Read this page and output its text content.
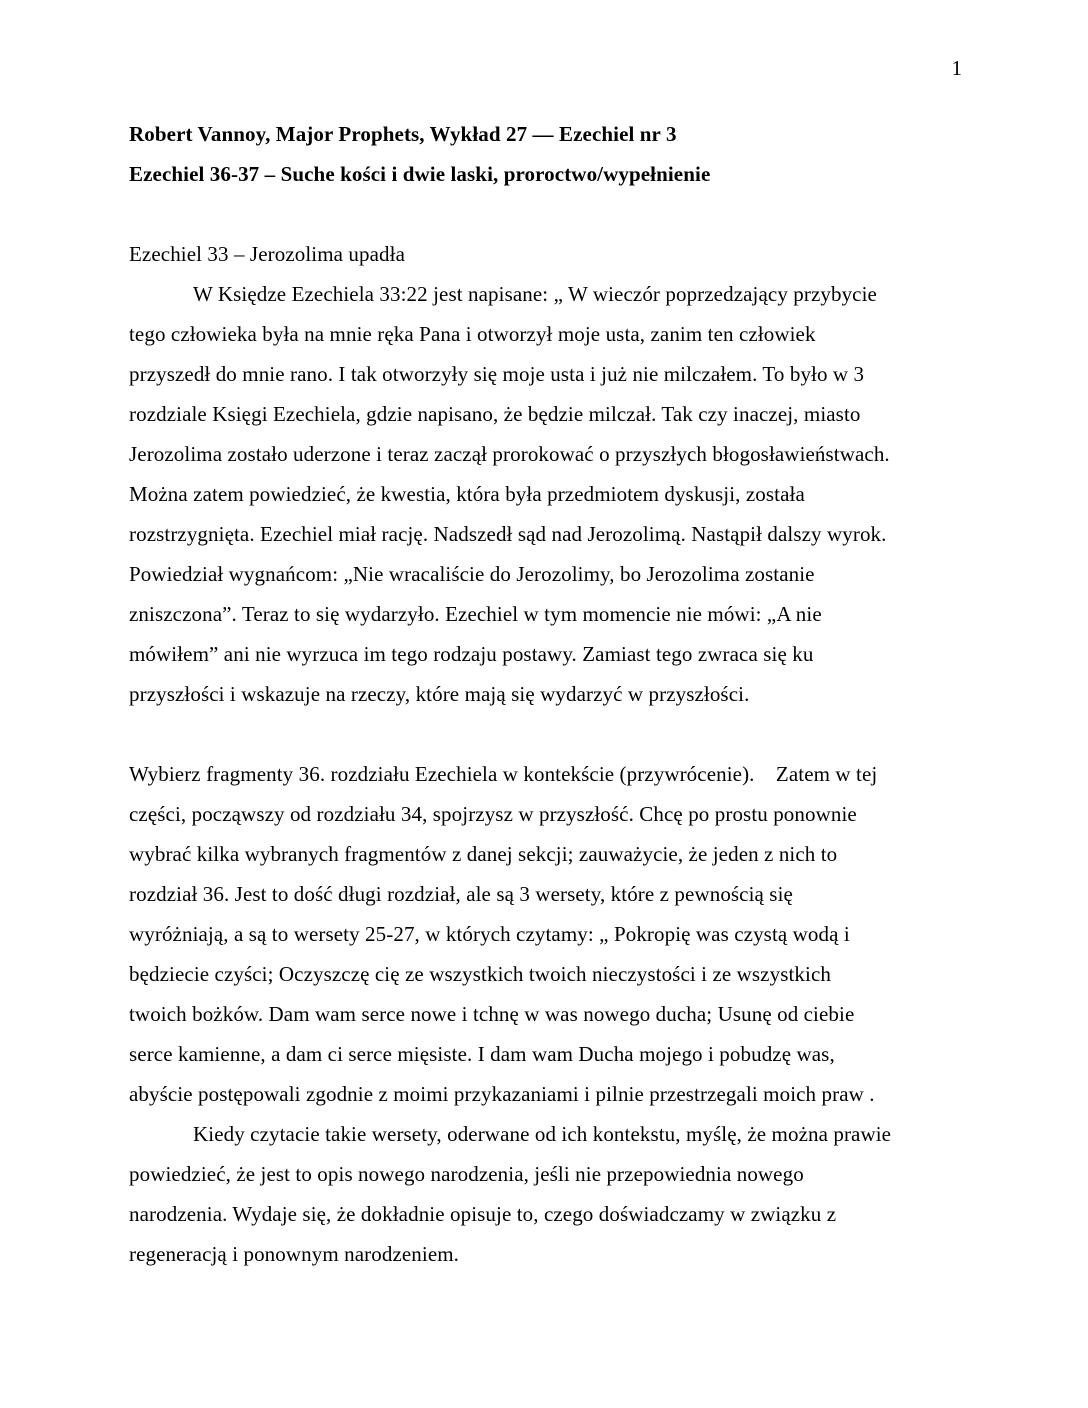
1
Robert Vannoy, Major Prophets, Wykład 27 — Ezechiel nr 3
Ezechiel 36-37 – Suche kości i dwie laski, proroctwo/wypełnienie
Ezechiel 33 – Jerozolima upadła
W Księdze Ezechiela 33:22 jest napisane: „ W wieczór poprzedzający przybycie
tego człowieka była na mnie ręka Pana i otworzył moje usta, zanim ten człowiek
przyszedł do mnie rano. I tak otworzyły się moje usta i już nie milczałem. To było w 3
rozdziale Księgi Ezechiela, gdzie napisano, że będzie milczał. Tak czy inaczej, miasto
Jerozolima zostało uderzone i teraz zaczął prorokować o przyszłych błogosławieństwach.
Można zatem powiedzieć, że kwestia, która była przedmiotem dyskusji, została
rozstrzygnięta. Ezechiel miał rację. Nadszedł sąd nad Jerozolimą. Nastąpił dalszy wyrok.
Powiedział wygnańcom: „Nie wracaliście do Jerozolimy, bo Jerozolima zostanie
zniszczona”. Teraz to się wydarzyło. Ezechiel w tym momencie nie mówi: „A nie
mówiłem” ani nie wyrzuca im tego rodzaju postawy. Zamiast tego zwraca się ku
przyszłości i wskazuje na rzeczy, które mają się wydarzyć w przyszłości.
Wybierz fragmenty 36. rozdziału Ezechiela w kontekście (przywrócenie).    Zatem w tej
części, począwszy od rozdziału 34, spojrzysz w przyszłość. Chcę po prostu ponownie
wybrać kilka wybranych fragmentów z danej sekcji; zauważycie, że jeden z nich to
rozdział 36. Jest to dość długi rozdział, ale są 3 wersety, które z pewnością się
wyróżniają, a są to wersety 25-27, w których czytamy: „ Pokropię was czystą wodą i
będziecie czyści; Oczyszczę cię ze wszystkich twoich nieczystości i ze wszystkich
twoich bożków. Dam wam serce nowe i tchnę w was nowego ducha; Usunę od ciebie
serce kamienne, a dam ci serce mięsiste. I dam wam Ducha mojego i pobudzę was,
abyście postępowali zgodnie z moimi przykazaniami i pilnie przestrzegali moich praw .
Kiedy czytacie takie wersety, oderwane od ich kontekstu, myślę, że można prawie
powiedzieć, że jest to opis nowego narodzenia, jeśli nie przepowiednia nowego
narodzenia. Wydaje się, że dokładnie opisuje to, czego doświadczamy w związku z
regeneracją i ponownym narodzeniem.
